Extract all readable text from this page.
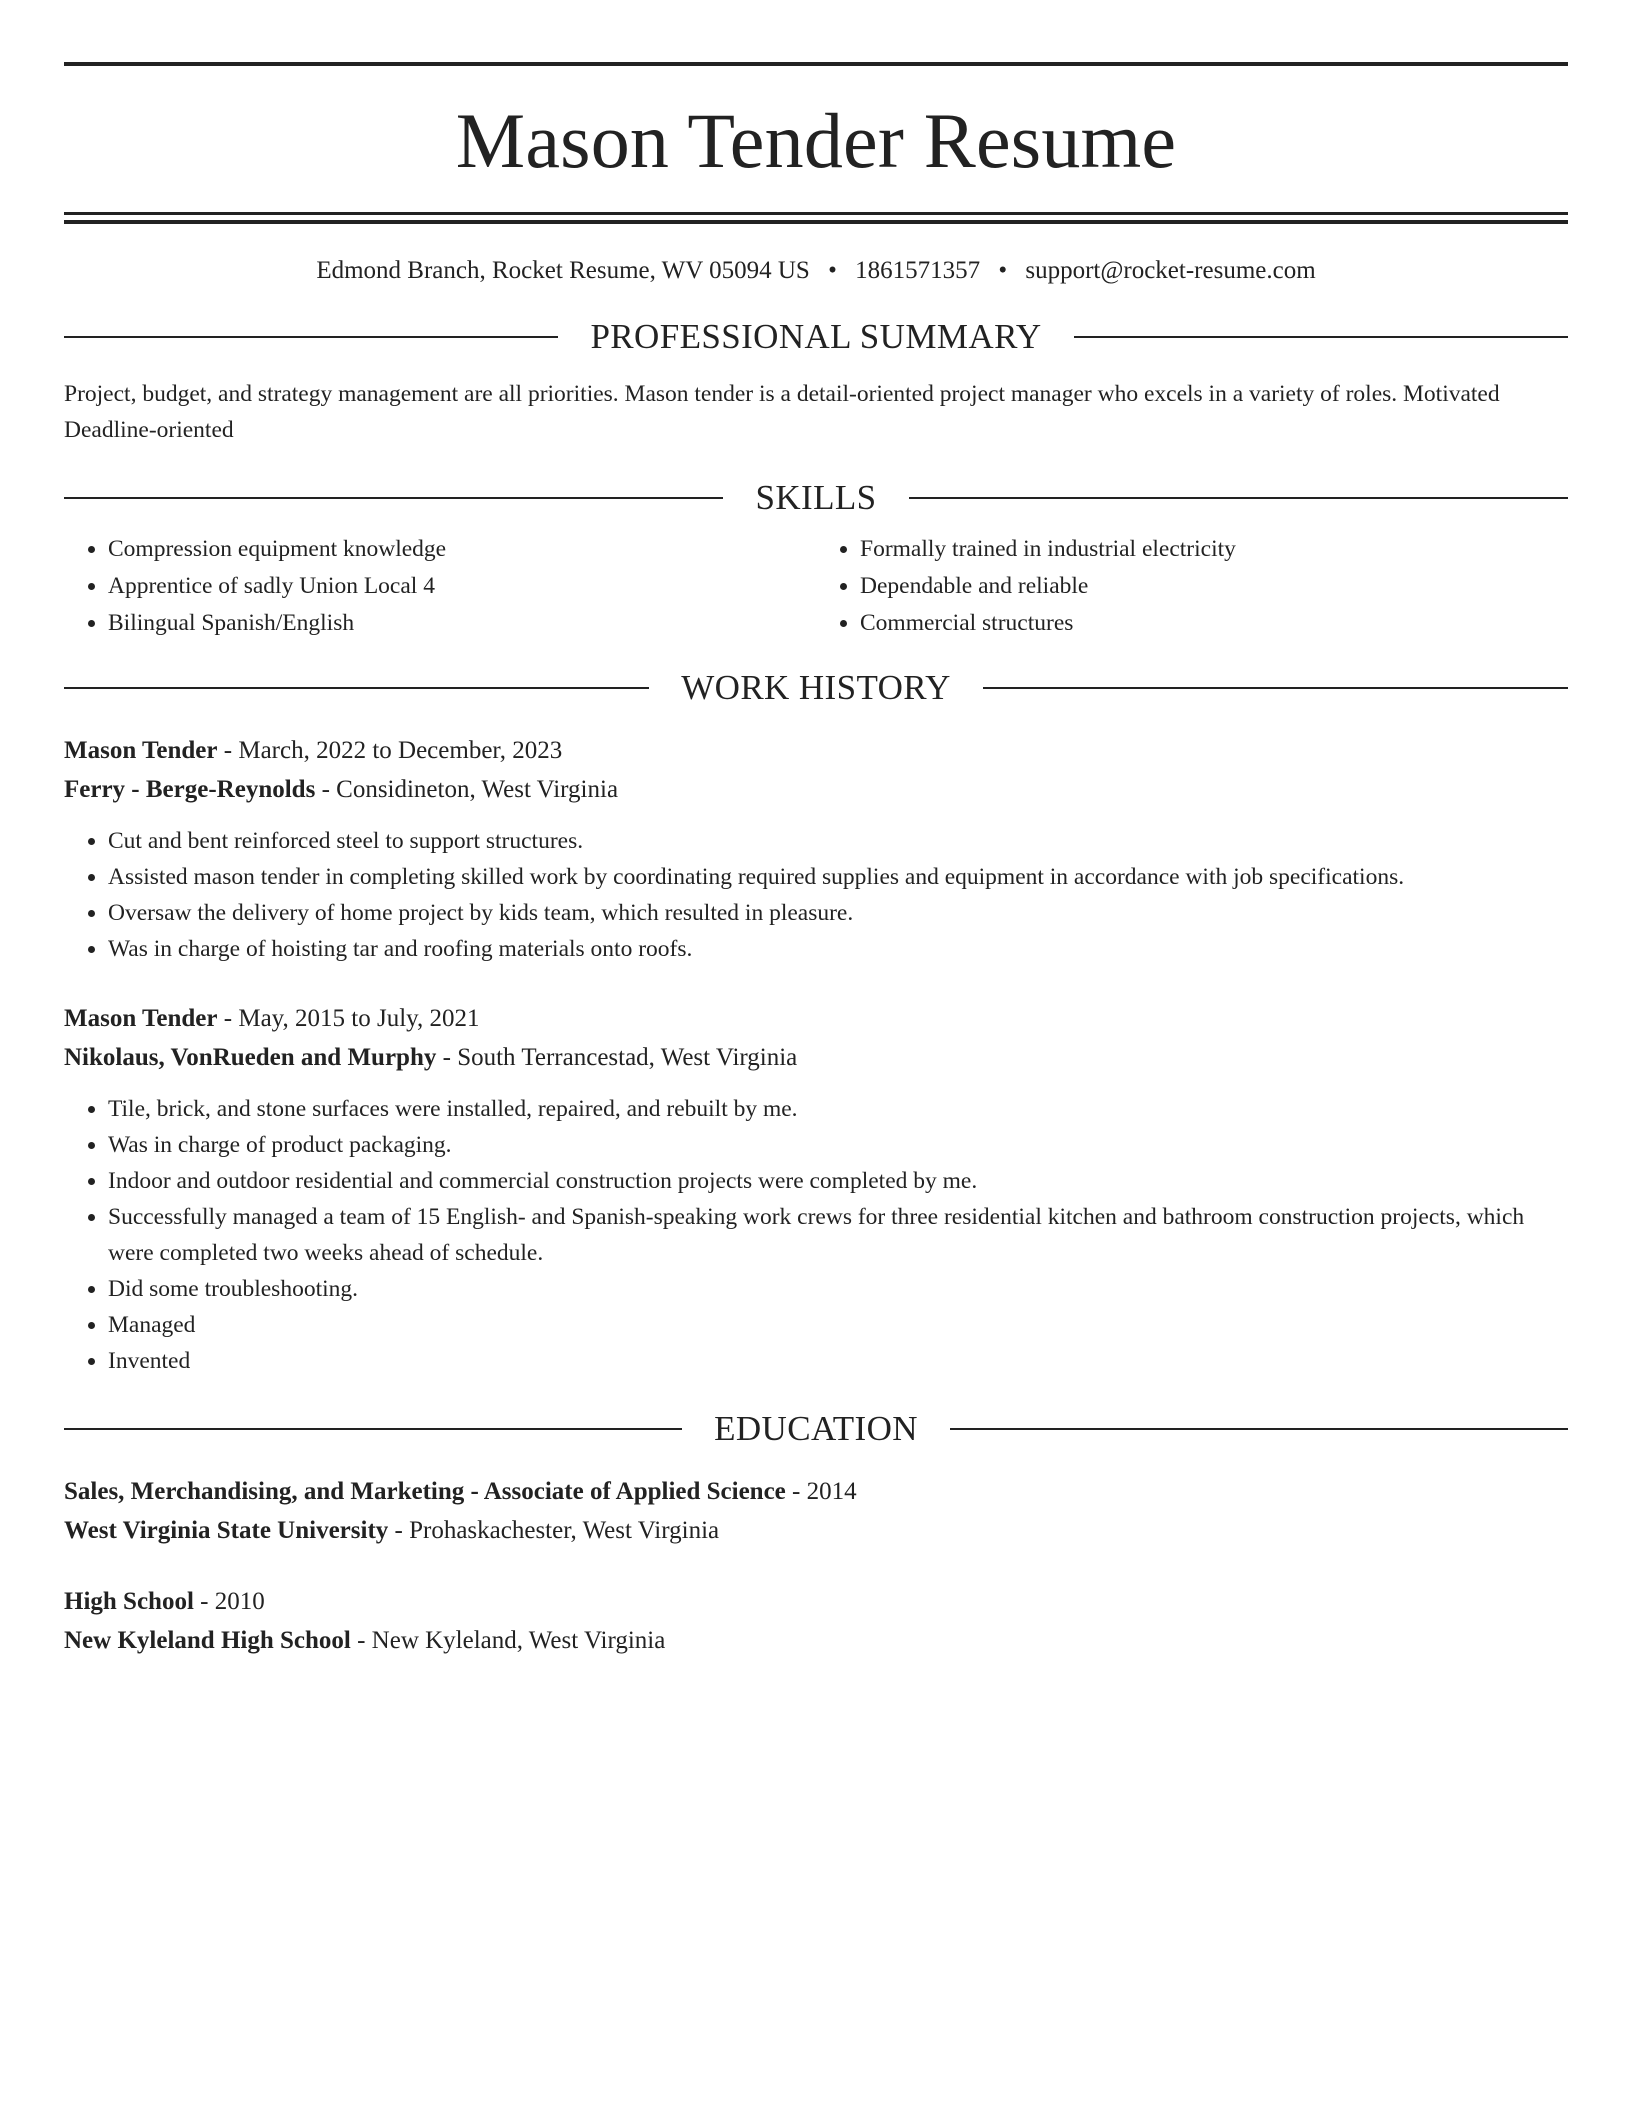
Mason Tender Resume
Edmond Branch, Rocket Resume, WV 05094 US • 1861571357 • support@rocket-resume.com
PROFESSIONAL SUMMARY
Project, budget, and strategy management are all priorities. Mason tender is a detail-oriented project manager who excels in a variety of roles. Motivated Deadline-oriented
SKILLS
• Compression equipment knowledge
• Apprentice of sadly Union Local 4
• Bilingual Spanish/English
• Formally trained in industrial electricity
• Dependable and reliable
• Commercial structures
WORK HISTORY
Mason Tender - March, 2022 to December, 2023
Ferry - Berge-Reynolds - Considineton, West Virginia
• Cut and bent reinforced steel to support structures.
• Assisted mason tender in completing skilled work by coordinating required supplies and equipment in accordance with job specifications.
• Oversaw the delivery of home project by kids team, which resulted in pleasure.
• Was in charge of hoisting tar and roofing materials onto roofs.
Mason Tender - May, 2015 to July, 2021
Nikolaus, VonRueden and Murphy - South Terrancestad, West Virginia
• Tile, brick, and stone surfaces were installed, repaired, and rebuilt by me.
• Was in charge of product packaging.
• Indoor and outdoor residential and commercial construction projects were completed by me.
• Successfully managed a team of 15 English- and Spanish-speaking work crews for three residential kitchen and bathroom construction projects, which were completed two weeks ahead of schedule.
• Did some troubleshooting.
• Managed
• Invented
EDUCATION
Sales, Merchandising, and Marketing - Associate of Applied Science - 2014
West Virginia State University - Prohaskachester, West Virginia
High School - 2010
New Kyleland High School - New Kyleland, West Virginia
